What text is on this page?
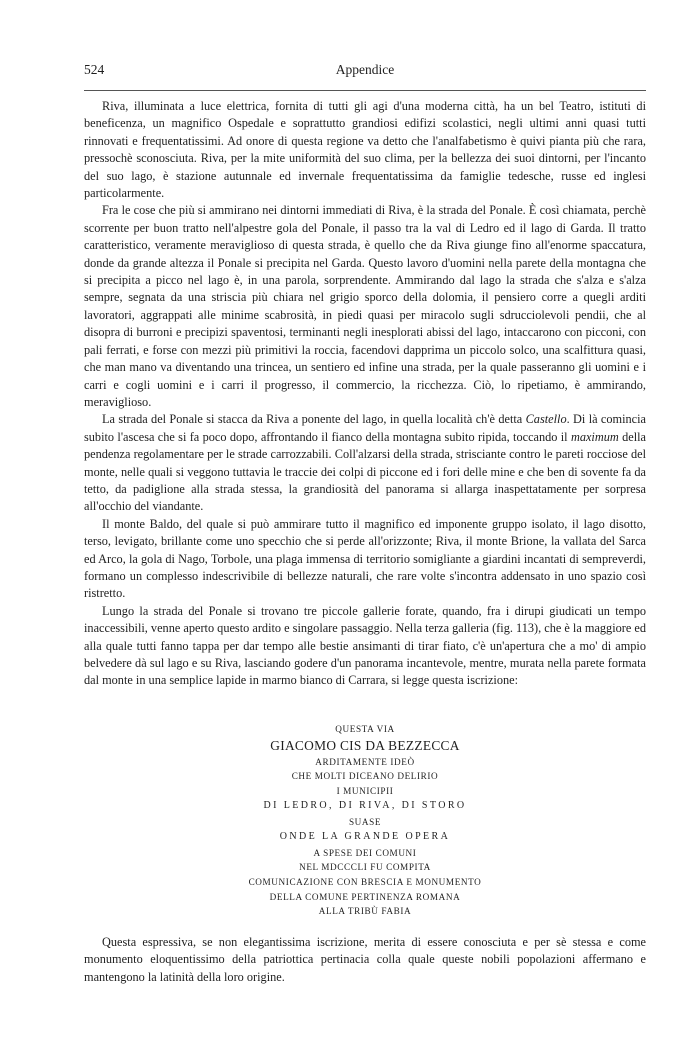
524	Appendice

Riva, illuminata a luce elettrica, fornita di tutti gli agi d'una moderna città, ha un bel Teatro, istituti di beneficenza, un magnifico Ospedale e soprattutto grandiosi edifizi scolastici, negli ultimi anni quasi tutti rinnovati e frequentatissimi. Ad onore di questa regione va detto che l'analfabetismo è quivi pianta più che rara, pressochè sconosciuta. Riva, per la mite uniformità del suo clima, per la bellezza dei suoi dintorni, per l'incanto del suo lago, è stazione autunnale ed invernale frequentatissima da famiglie tedesche, russe ed inglesi particolarmente.

Fra le cose che più si ammirano nei dintorni immediati di Riva, è la strada del Ponale. È così chiamata, perchè scorrente per buon tratto nell'alpestre gola del Ponale, il passo tra la val di Ledro ed il lago di Garda. Il tratto caratteristico, veramente meraviglioso di questa strada, è quello che da Riva giunge fino all'enorme spaccatura, donde da grande altezza il Ponale si precipita nel Garda. Questo lavoro d'uomini nella parete della montagna che si precipita a picco nel lago è, in una parola, sorprendente. Ammirando dal lago la strada che s'alza e s'alza sempre, segnata da una striscia più chiara nel grigio sporco della dolomia, il pensiero corre a quegli arditi lavoratori, aggrappati alle minime scabrosità, in piedi quasi per miracolo sugli sdrucciolevoli pendii, che al disopra di burroni e precipizi spaventosi, terminanti negli inesplorati abissi del lago, intaccarono con picconi, con pali ferrati, e forse con mezzi più primitivi la roccia, facendovi dapprima un piccolo solco, una scalfittura quasi, che man mano va diventando una trincea, un sentiero ed infine una strada, per la quale passeranno gli uomini e i carri e cogli uomini e i carri il progresso, il commercio, la ricchezza. Ciò, lo ripetiamo, è ammirando, meraviglioso.

La strada del Ponale si stacca da Riva a ponente del lago, in quella località ch'è detta Castello. Di là comincia subito l'ascesa che si fa poco dopo, affrontando il fianco della montagna subito ripida, toccando il maximum della pendenza regolamentare per le strade carrozzabili. Coll'alzarsi della strada, strisciante contro le pareti rocciose del monte, nelle quali si veggono tuttavia le traccie dei colpi di piccone ed i fori delle mine e che ben di sovente fa da tetto, da padiglione alla strada stessa, la grandiosità del panorama si allarga inaspettatamente per sorpresa all'occhio del viandante.

Il monte Baldo, del quale si può ammirare tutto il magnifico ed imponente gruppo isolato, il lago disotto, terso, levigato, brillante come uno specchio che si perde all'orizzonte; Riva, il monte Brione, la vallata del Sarca ed Arco, la gola di Nago, Torbole, una plaga immensa di territorio somigliante a giardini incantati di sempreverdi, formano un complesso indescrivibile di bellezze naturali, che rare volte s'incontra addensato in uno spazio così ristretto.

Lungo la strada del Ponale si trovano tre piccole gallerie forate, quando, fra i dirupi giudicati un tempo inaccessibili, venne aperto questo ardito e singolare passaggio. Nella terza galleria (fig. 113), che è la maggiore ed alla quale tutti fanno tappa per dar tempo alle bestie ansimanti di tirar fiato, c'è un'apertura che a mo' di ampio belvedere dà sul lago e su Riva, lasciando godere d'un panorama incantevole, mentre, murata nella parete formata dal monte in una semplice lapide in marmo bianco di Carrara, si legge questa iscrizione:

QUESTA VIA
GIACOMO CIS DA BEZZECCA
ARDITAMENTE IDEÒ
CHE MOLTI DICEANO DELIRIO
I MUNICIPII
DI LEDRO, DI RIVA, DI STORO
SUASE
ONDE LA GRANDE OPERA
A SPESE DEI COMUNI
NEL MDCCCLI FU COMPITA
COMUNICAZIONE CON BRESCIA E MONUMENTO
DELLA COMUNE PERTINENZA ROMANA
ALLA TRIBÙ FABIA

Questa espressiva, se non elegantissima iscrizione, merita di essere conosciuta e per sè stessa e come monumento eloquentissimo della patriottica pertinacia colla quale queste nobili popolazioni affermano e mantengono la latinità della loro origine.
